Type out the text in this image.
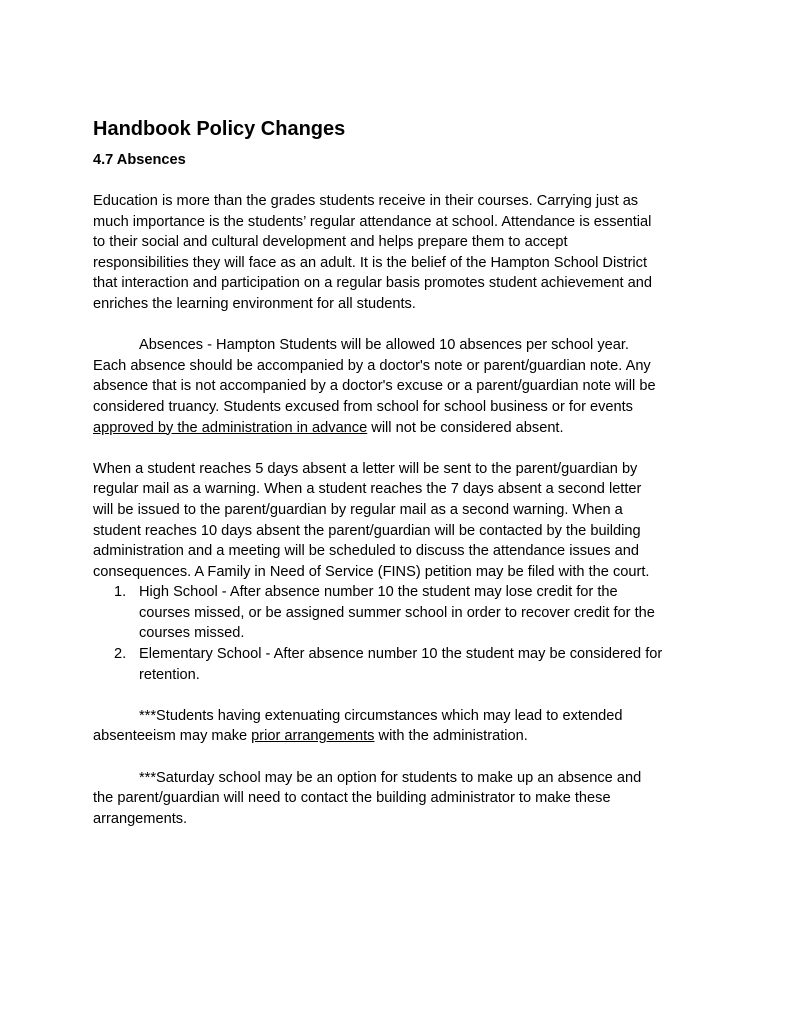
Handbook Policy Changes
4.7 Absences
Education is more than the grades students receive in their courses. Carrying just as
much importance is the students’ regular attendance at school. Attendance is essential
to their social and cultural development and helps prepare them to accept
responsibilities they will face as an adult. It is the belief of the Hampton School District
that interaction and participation on a regular basis promotes student achievement and
enriches the learning environment for all students.
Absences - Hampton Students will be allowed 10 absences per school year.
Each absence should be accompanied by a doctor's note or parent/guardian note. Any
absence that is not accompanied by a doctor's excuse or a parent/guardian note will be
considered truancy. Students excused from school for school business or for events
approved by the administration in advance will not be considered absent.
When a student reaches 5 days absent a letter will be sent to the parent/guardian by
regular mail as a warning. When a student reaches the 7 days absent a second letter
will be issued to the parent/guardian by regular mail as a second warning. When a
student reaches 10 days absent the parent/guardian will be contacted by the building
administration and a meeting will be scheduled to discuss the attendance issues and
consequences. A Family in Need of Service (FINS) petition may be filed with the court.
1. High School - After absence number 10 the student may lose credit for the
courses missed, or be assigned summer school in order to recover credit for the
courses missed.
2. Elementary School - After absence number 10 the student may be considered for
retention.
***Students having extenuating circumstances which may lead to extended
absenteeism may make prior arrangements with the administration.
***Saturday school may be an option for students to make up an absence and
the parent/guardian will need to contact the building administrator to make these
arrangements.
